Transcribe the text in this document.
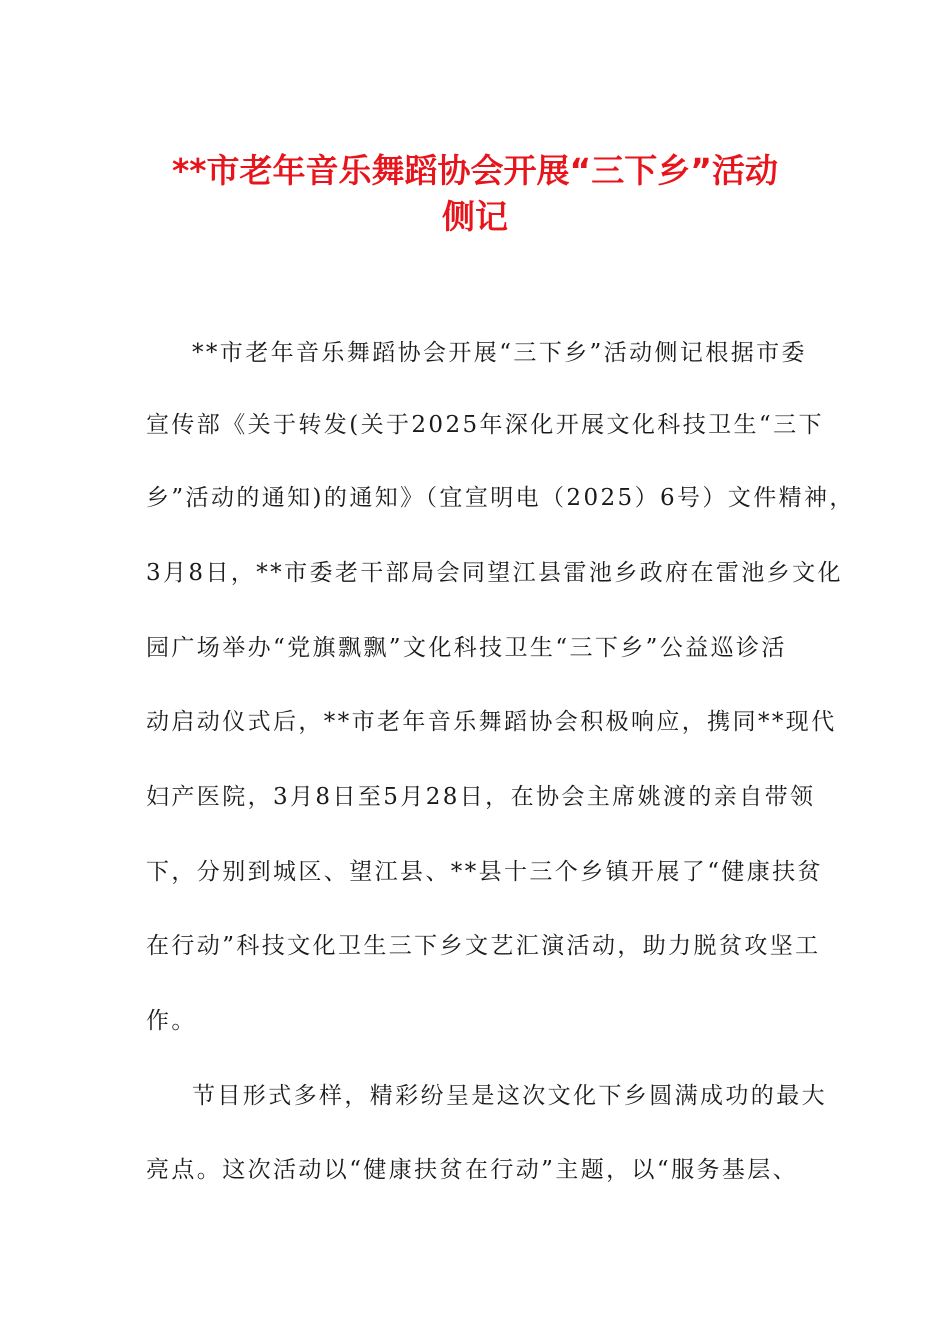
**市老年音乐舞蹈协会开展“三下乡”活动
侧记

**市老年音乐舞蹈协会开展“三下乡”活动侧记根据市委

宣传部《关于转发(关于2025年深化开展文化科技卫生“三下

乡”活动的通知)的通知》（宜宣明电（2025）6号）文件精神，

3月8日，**市委老干部局会同望江县雷池乡政府在雷池乡文化

园广场举办“党旗飘飘”文化科技卫生“三下乡”公益巡诊活

动启动仪式后，**市老年音乐舞蹈协会积极响应，携同**现代

妇产医院，3月8日至5月28日，在协会主席姚渡的亲自带领

下，分别到城区、望江县、**县十三个乡镇开展了“健康扶贫

在行动”科技文化卫生三下乡文艺汇演活动，助力脱贫攻坚工

作。

节目形式多样，精彩纷呈是这次文化下乡圆满成功的最大

亮点。这次活动以“健康扶贫在行动”主题，以“服务基层、
